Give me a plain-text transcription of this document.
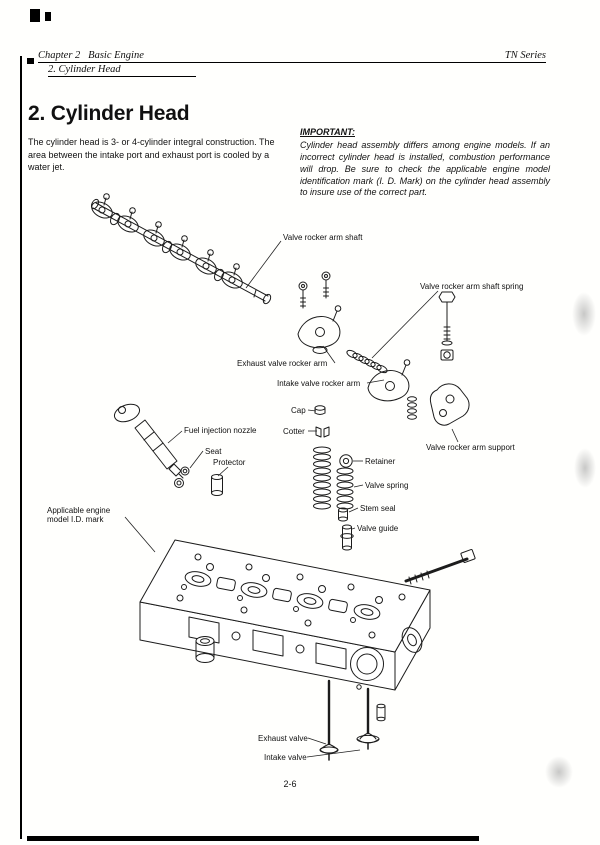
Chapter 2   Basic Engine	TN Series
2. Cylinder Head
2. Cylinder Head

The cylinder head is 3- or 4-cylinder integral construction. The area between the intake port and exhaust port is cooled by a water jet.

IMPORTANT:

Cylinder head assembly differs among engine models. If an incorrect cylinder head is installed, combustion performance will drop. Be sure to check the applicable engine model identification mark (I. D. Mark) on the cylinder head assembly to insure use of the correct part.

Valve rocker arm shaft
Valve rocker arm shaft spring
Exhaust valve rocker arm
Intake valve rocker arm
Cap
Cotter
Fuel injection nozzle
Seat
Protector	Retainer
Valve spring
Stem seal
Valve guide
Valve rocker arm support
Applicable engine model I.D. mark
Exhaust valve
Intake valve
2-6
